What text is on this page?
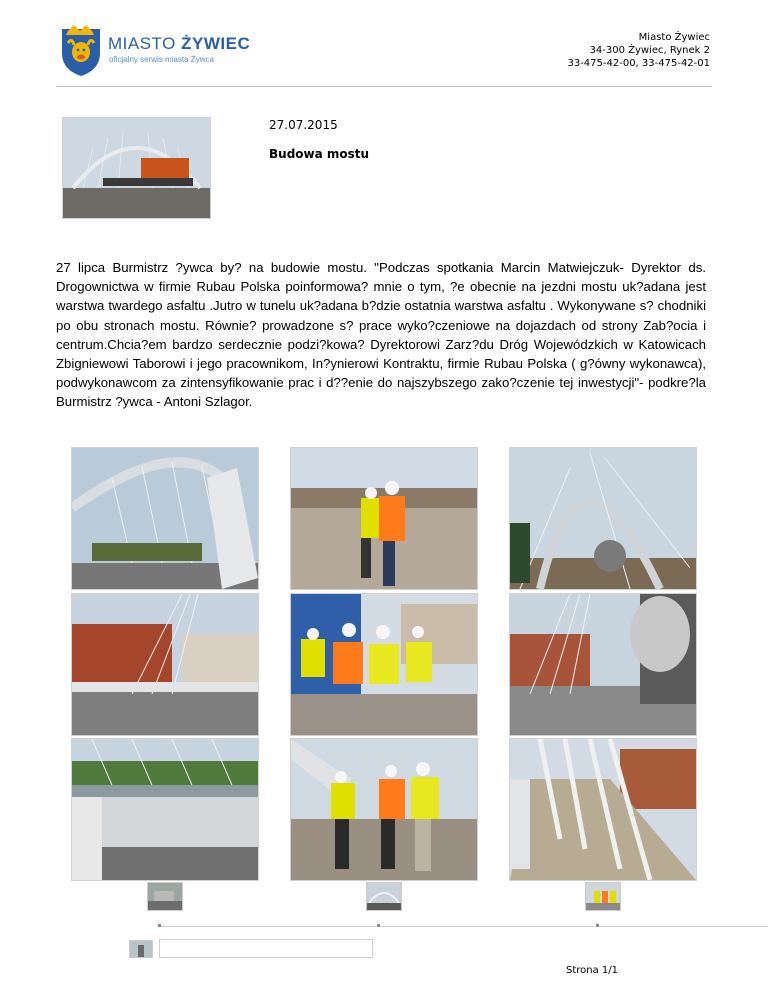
MIASTO ŻYWIEC
oficjalny serwis miasta Żywca
Miasto Żywiec
34-300 Żywiec, Rynek 2
33-475-42-00, 33-475-42-01
27.07.2015
Budowa mostu
27 lipca Burmistrz ?ywca by? na budowie mostu. "Podczas spotkania Marcin Matwiejczuk- Dyrektor ds. Drogownictwa w firmie Rubau Polska poinformowa? mnie o tym, ?e obecnie na jezdni mostu uk?adana jest warstwa twardego asfaltu .Jutro w tunelu uk?adana b?dzie ostatnia warstwa asfaltu . Wykonywane s? chodniki po obu stronach mostu. Równie? prowadzone s? prace wyko?czeniowe na dojazdach od strony Zab?ocia i centrum.Chcia?em bardzo serdecznie podzi?kowa? Dyrektorowi Zarz?du Dróg Wojewódzkich w Katowicach Zbigniewowi Taborowi i jego pracownikom, In?ynierowi Kontraktu, firmie Rubau Polska ( g?ówny wykonawca), podwykonawcom za zintensyfikowanie prac i d??enie do najszybszego zako?czenie tej inwestycji"- podkre?la Burmistrz ?ywca - Antoni Szlagor.
Strona 1/1
